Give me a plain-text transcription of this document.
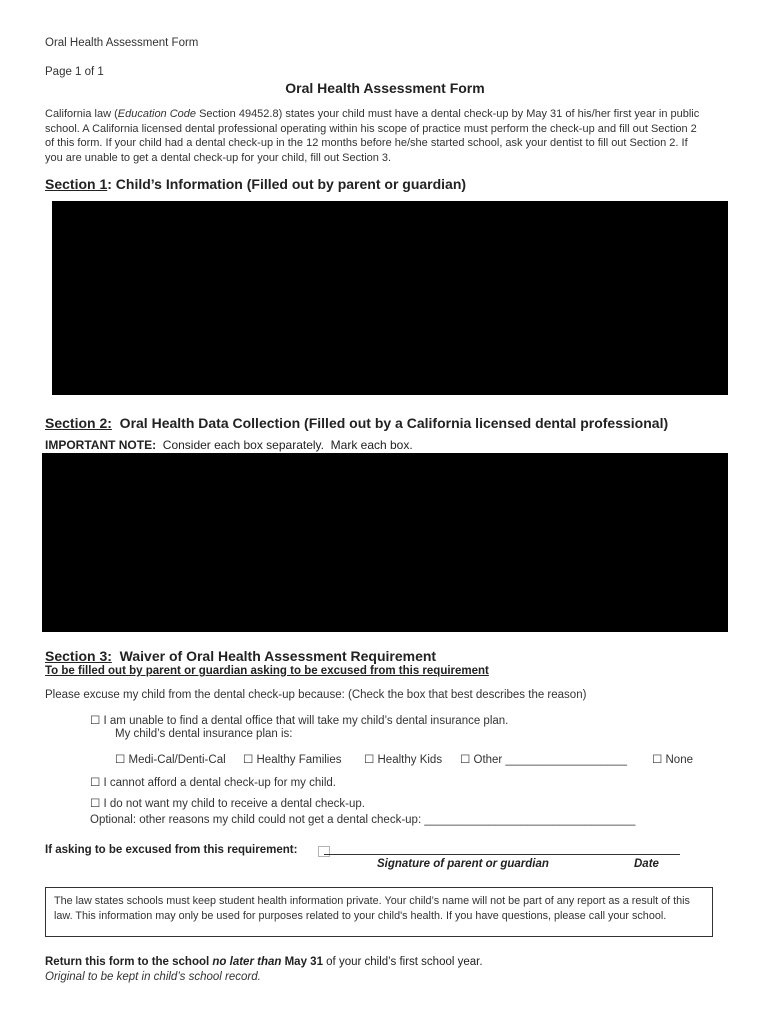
Oral Health Assessment Form
Page 1 of 1
Oral Health Assessment Form
California law (Education Code Section 49452.8) states your child must have a dental check-up by May 31 of his/her first year in public school. A California licensed dental professional operating within his scope of practice must perform the check-up and fill out Section 2 of this form. If your child had a dental check-up in the 12 months before he/she started school, ask your dentist to fill out Section 2. If you are unable to get a dental check-up for your child, fill out Section 3.
Section 1: Child’s Information (Filled out by parent or guardian)
Section 2:  Oral Health Data Collection (Filled out by a California licensed dental professional)
IMPORTANT NOTE:  Consider each box separately.  Mark each box.
Section 3:  Waiver of Oral Health Assessment Requirement
To be filled out by parent or guardian asking to be excused from this requirement
Please excuse my child from the dental check-up because: (Check the box that best describes the reason)
☐ I am unable to find a dental office that will take my child’s dental insurance plan.
My child’s dental insurance plan is:
☐ Medi-Cal/Denti-Cal ☐ Healthy Families ☐ Healthy Kids ☐ Other ___________________ ☐ None
☐ I cannot afford a dental check-up for my child.
☐ I do not want my child to receive a dental check-up.
Optional: other reasons my child could not get a dental check-up: _________________________________
If asking to be excused from this requirement: ⃞
Signature of parent or guardian	Date
The law states schools must keep student health information private. Your child’s name will not be part of any report as a result of this law. This information may only be used for purposes related to your child's health. If you have questions, please call your school.
Return this form to the school no later than May 31 of your child’s first school year.
Original to be kept in child’s school record.
